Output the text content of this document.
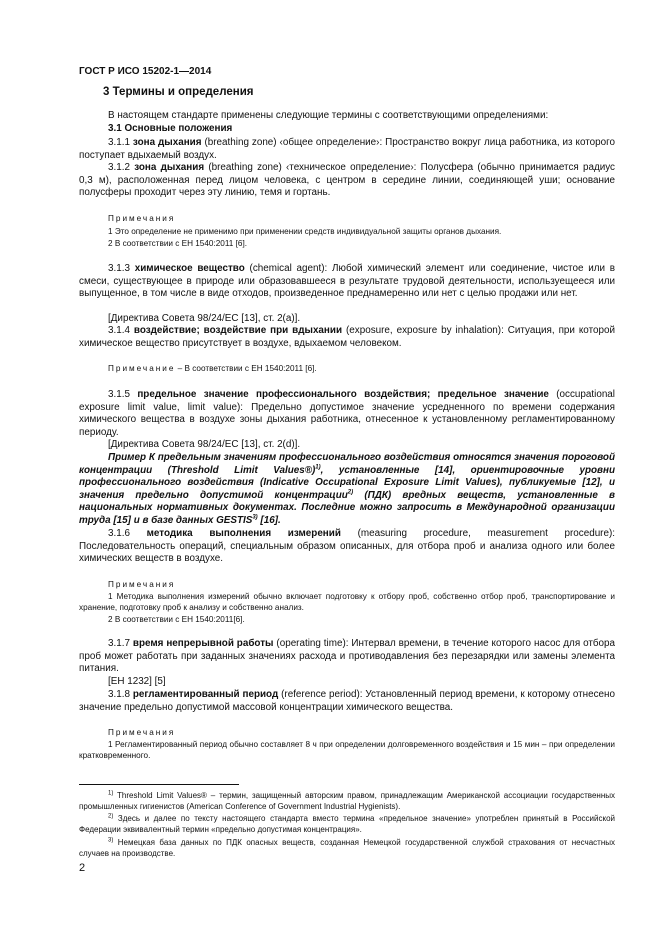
ГОСТ Р ИСО 15202-1—2014
3 Термины и определения
В настоящем стандарте применены следующие термины с соответствующими определениями:
3.1 Основные положения
3.1.1 зона дыхания (breathing zone) ‹общее определение›: Пространство вокруг лица работника, из которого поступает вдыхаемый воздух.
3.1.2 зона дыхания (breathing zone) ‹техническое определение›: Полусфера (обычно принимается радиус 0,3 м), расположенная перед лицом человека, с центром в середине линии, соединяющей уши; основание полусферы проходит через эту линию, темя и гортань.
Примечания
1 Это определение не применимо при применении средств индивидуальной защиты органов дыхания.
2 В соответствии с ЕН 1540:2011 [6].
3.1.3 химическое вещество (chemical agent): Любой химический элемент или соединение, чистое или в смеси, существующее в природе или образовавшееся в результате трудовой деятельности, используещееся или выпущенное, в том числе в виде отходов, произведенное преднамеренно или нет с целью продажи или нет.
[Директива Совета 98/24/ЕС [13], ст. 2(а)].
3.1.4 воздействие; воздействие при вдыхании (exposure, exposure by inhalation): Ситуация, при которой химическое вещество присутствует в воздухе, вдыхаемом человеком.
Примечание – В соответствии с ЕН 1540:2011 [6].
3.1.5 предельное значение профессионального воздействия; предельное значение (occupational exposure limit value, limit value): Предельно допустимое значение усредненного по времени содержания химического вещества в воздухе зоны дыхания работника, отнесенное к установленному регламентированному периоду.
[Директива Совета 98/24/ЕС [13], ст. 2(d)].
Пример К предельным значениям профессионального воздействия относятся значения пороговой концентрации (Threshold Limit Values®)$^{1)}$, установленные [14], ориентировочные уровни профессионального воздействия (Indicative Occupational Exposure Limit Values), публикуемые [12], и значения предельно допустимой концентрации$^{2)}$ (ПДК) вредных веществ, установленные в национальных нормативных документах. Последние можно запросить в Международной организации труда [15] и в базе данных GESTIS$^{3)}$ [16].
3.1.6 методика выполнения измерений (measuring procedure, measurement procedure): Последовательность операций, специальным образом описанных, для отбора проб и анализа одного или более химических веществ в воздухе.
Примечания
1 Методика выполнения измерений обычно включает подготовку к отбору проб, собственно отбор проб, транспортирование и хранение, подготовку проб к анализу и собственно анализ.
2 В соответствии с ЕН 1540:2011[6].
3.1.7 время непрерывной работы (operating time): Интервал времени, в течение которого насос для отбора проб может работать при заданных значениях расхода и противодавления без перезарядки или замены элемента питания.
[ЕН 1232] [5]
3.1.8 регламентированный период (reference period): Установленный период времени, к которому отнесено значение предельно допустимой массовой концентрации химического вещества.
Примечания
1 Регламентированный период обычно составляет 8 ч при определении долговременного воздействия и 15 мин – при определении кратковременного.
$^{1)}$ Threshold Limit Values® – термин, защищенный авторским правом, принадлежащим Американской ассоциации государственных промышленных гигиенистов (American Conference of Government Industrial Hygienists).
$^{2)}$ Здесь и далее по тексту настоящего стандарта вместо термина «предельное значение» употреблен принятый в Российской Федерации эквивалентный термин «предельно допустимая концентрация».
$^{3)}$ Немецкая база данных по ПДК опасных веществ, созданная Немецкой государственной службой страхования от несчастных случаев на производстве.
2
